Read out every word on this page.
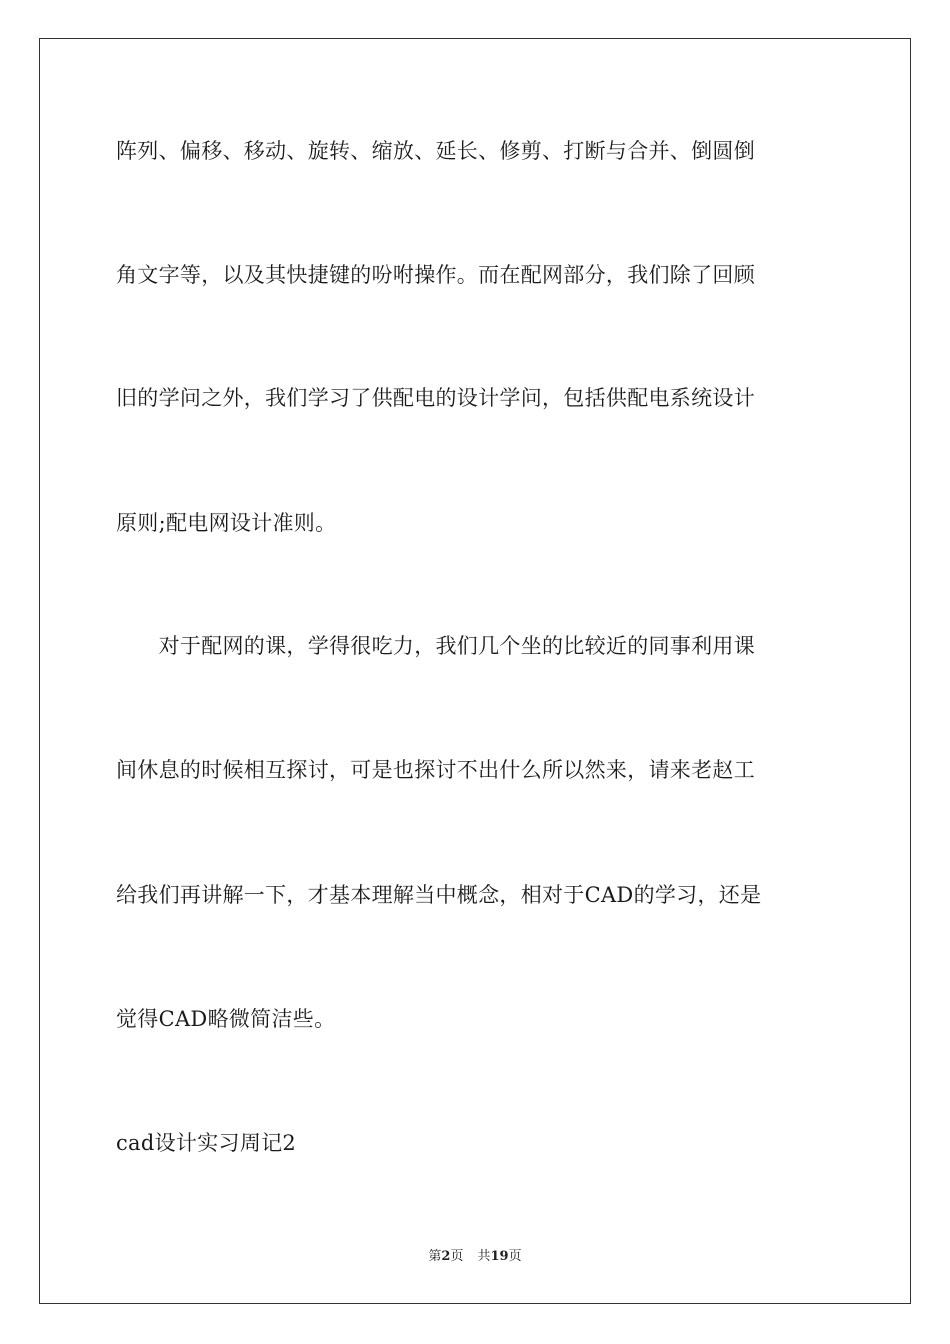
阵列、偏移、移动、旋转、缩放、延长、修剪、打断与合并、倒圆倒
角文字等，以及其快捷键的吩咐操作。而在配网部分，我们除了回顾
旧的学问之外，我们学习了供配电的设计学问，包括供配电系统设计
原则;配电网设计准则。
　　对于配网的课，学得很吃力，我们几个坐的比较近的同事利用课
间休息的时候相互探讨，可是也探讨不出什么所以然来，请来老赵工
给我们再讲解一下，才基本理解当中概念，相对于CAD的学习，还是
觉得CAD略微简洁些。
cad设计实习周记2
第2页 共19页
